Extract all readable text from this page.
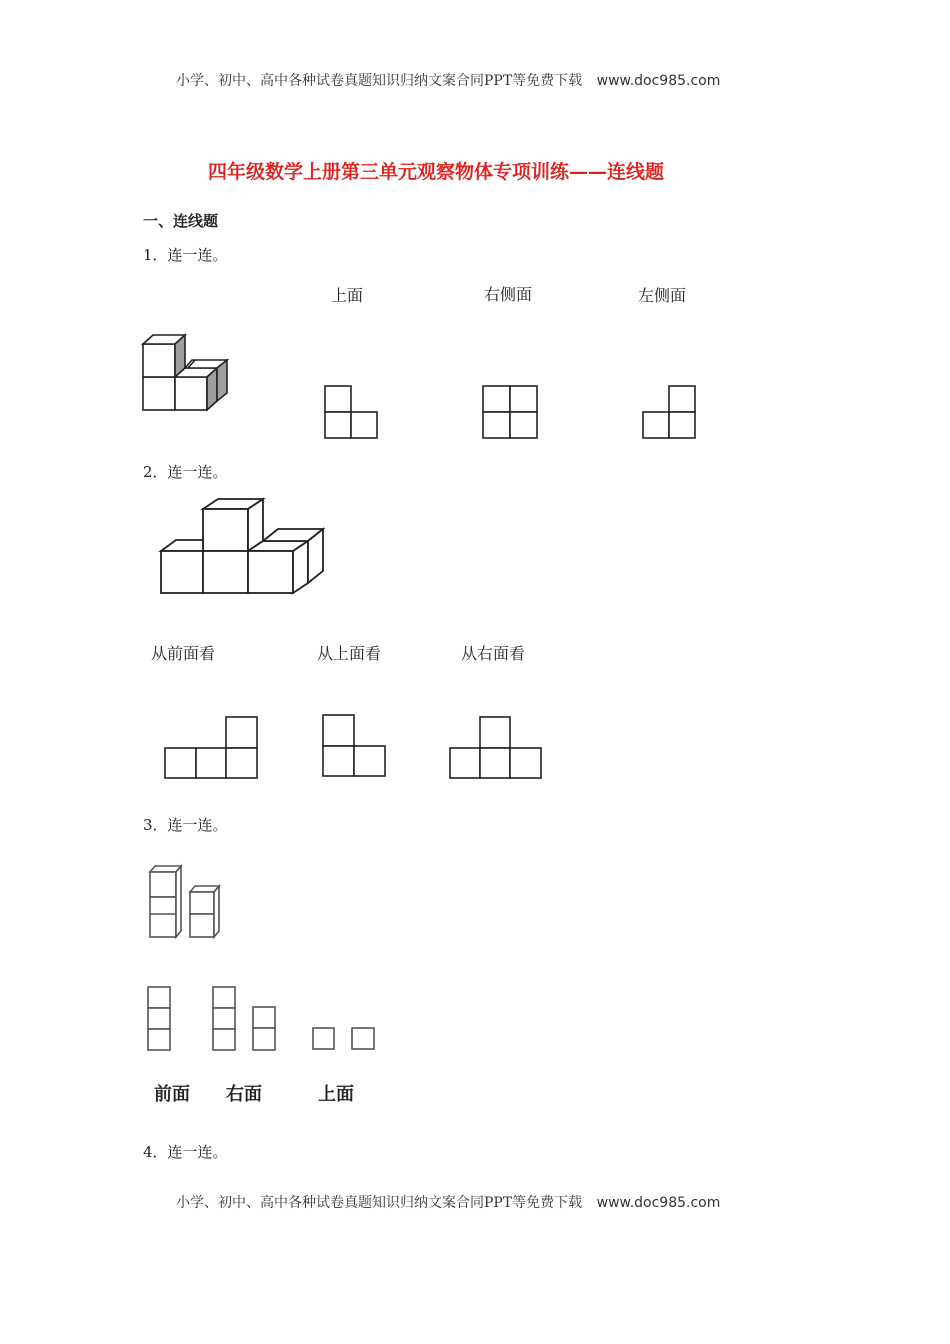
小学、初中、高中各种试卷真题知识归纳文案合同PPT等免费下载 www.doc985.com
四年级数学上册第三单元观察物体专项训练——连线题
一、连线题
1．连一连。
上面	右侧面	左侧面
2．连一连。
从前面看	从上面看	从右面看
3．连一连。
前面 右面	上面
4．连一连。
小学、初中、高中各种试卷真题知识归纳文案合同PPT等免费下载 www.doc985.com
